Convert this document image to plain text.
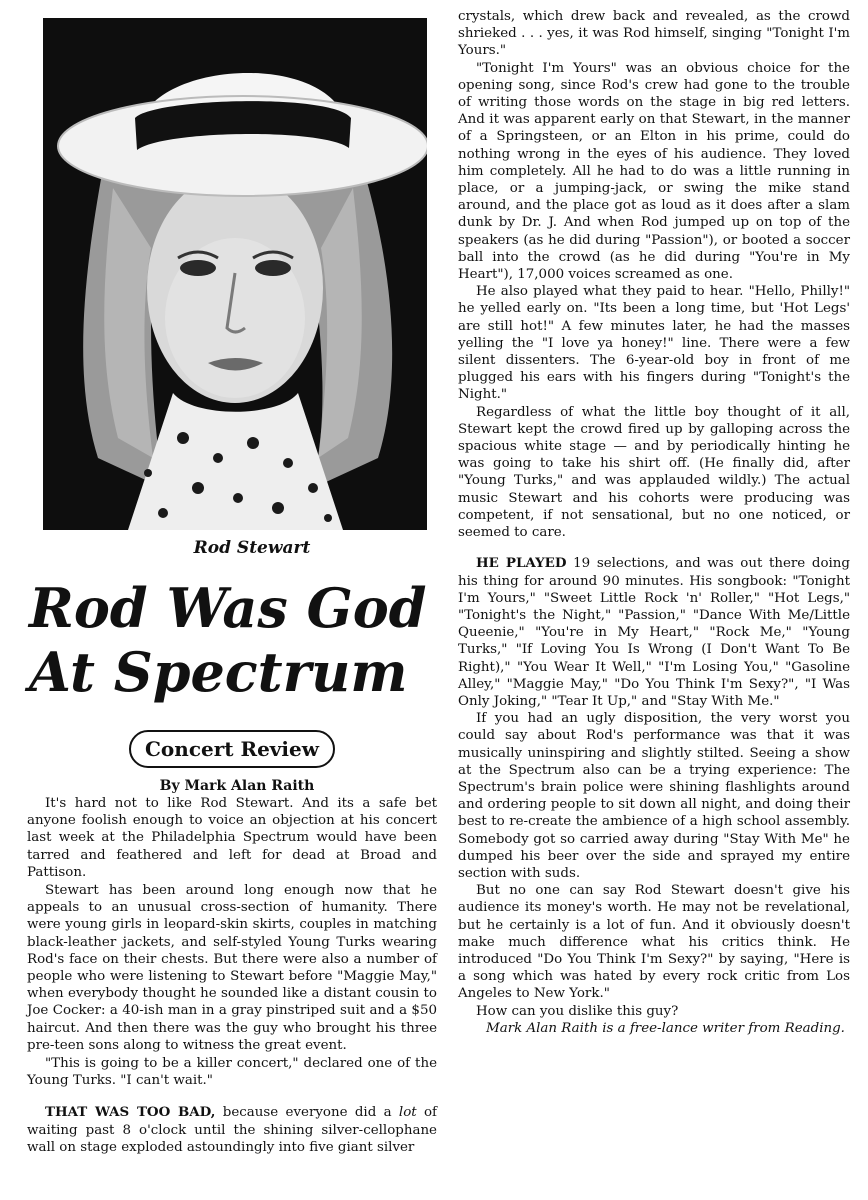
Rod Stewart
Rod Was God
At Spectrum
Concert Review
By Mark Alan Raith

It's hard not to like Rod Stewart. And its a safe bet anyone foolish enough to voice an objection at his concert last week at the Philadelphia Spectrum would have been tarred and feathered and left for dead at Broad and Pattison.

Stewart has been around long enough now that he appeals to an unusual cross-section of humanity. There were young girls in leopard-skin skirts, couples in matching black-leather jackets, and self-styled Young Turks wearing Rod's face on their chests. But there were also a number of people who were listening to Stewart before "Maggie May," when everybody thought he sounded like a distant cousin to Joe Cocker: a 40-ish man in a gray pinstriped suit and a $50 haircut. And then there was the guy who brought his three pre-teen sons along to witness the great event.

"This is going to be a killer concert," declared one of the Young Turks. "I can't wait."

THAT WAS TOO BAD, because everyone did a lot of waiting past 8 o'clock until the shining silver-cellophane wall on stage exploded astoundingly into five giant silver

crystals, which drew back and revealed, as the crowd shrieked . . . yes, it was Rod himself, singing "Tonight I'm Yours."

"Tonight I'm Yours" was an obvious choice for the opening song, since Rod's crew had gone to the trouble of writing those words on the stage in big red letters. And it was apparent early on that Stewart, in the manner of a Springsteen, or an Elton in his prime, could do nothing wrong in the eyes of his audience. They loved him completely. All he had to do was a little running in place, or a jumping-jack, or swing the mike stand around, and the place got as loud as it does after a slam dunk by Dr. J. And when Rod jumped up on top of the speakers (as he did during "Passion"), or booted a soccer ball into the crowd (as he did during "You're in My Heart"), 17,000 voices screamed as one.

He also played what they paid to hear. "Hello, Philly!" he yelled early on. "Its been a long time, but 'Hot Legs' are still hot!" A few minutes later, he had the masses yelling the "I love ya honey!" line. There were a few silent dissenters. The 6-year-old boy in front of me plugged his ears with his fingers during "Tonight's the Night."

Regardless of what the little boy thought of it all, Stewart kept the crowd fired up by galloping across the spacious white stage — and by periodically hinting he was going to take his shirt off. (He finally did, after "Young Turks," and was applauded wildly.) The actual music Stewart and his cohorts were producing was competent, if not sensational, but no one noticed, or seemed to care.

HE PLAYED 19 selections, and was out there doing his thing for around 90 minutes. His songbook: "Tonight I'm Yours," "Sweet Little Rock 'n' Roller," "Hot Legs," "Tonight's the Night," "Passion," "Dance With Me/Little Queenie," "You're in My Heart," "Rock Me," "Young Turks," "If Loving You Is Wrong (I Don't Want To Be Right)," "You Wear It Well," "I'm Losing You," "Gasoline Alley," "Maggie May," "Do You Think I'm Sexy?", "I Was Only Joking," "Tear It Up," and "Stay With Me."

If you had an ugly disposition, the very worst you could say about Rod's performance was that it was musically uninspiring and slightly stilted. Seeing a show at the Spectrum also can be a trying experience: The Spectrum's brain police were shining flashlights around and ordering people to sit down all night, and doing their best to re-create the ambience of a high school assembly. Somebody got so carried away during "Stay With Me" he dumped his beer over the side and sprayed my entire section with suds.

But no one can say Rod Stewart doesn't give his audience its money's worth. He may not be revelational, but he certainly is a lot of fun. And it obviously doesn't make much difference what his critics think. He introduced "Do You Think I'm Sexy?" by saying, "Here is a song which was hated by every rock critic from Los Angeles to New York."

How can you dislike this guy?

Mark Alan Raith is a free-lance writer from Reading.
